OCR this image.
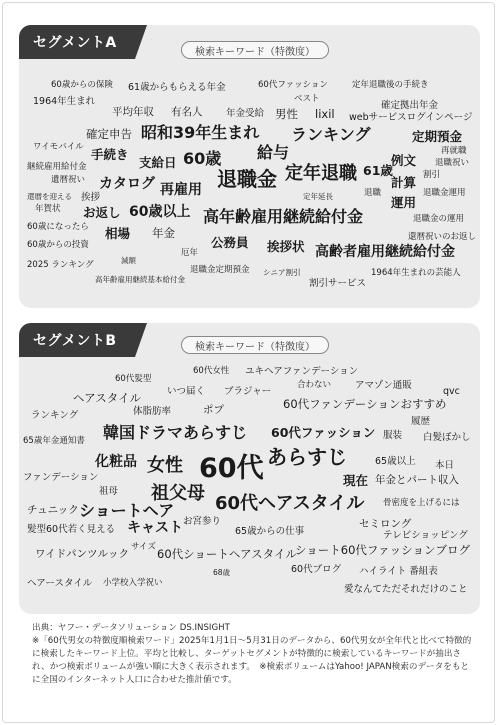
セグメントA
検索キーワード（特徴度）
60歳からの保険 61歳からもらえる年金	60代ファッション	定年退職後の手続き
1964年生まれ	ベスト
確定拠出年金
平均年収 有名人 年金受給 男性 lixil webサービスログインページ
ワイモバイル
確定申告 昭和39年生まれ ランキング	定期預金
再就職
手続き	給与
退職祝い
継続雇用給付金	支給日 60歳	例文
退職金 定年退職 61歳	割引
遺暦祝い カタログ 再雇用	計算
還暦を迎える 挨拶	定年延長	退職	退職金運用
年賀状	運用
お返し 60歳以上 高年齢雇用継続給付金	退職金の運用
60歳になったら 相場 年金	還暦祝いのお返し
60歳からの投資	公務員 挨拶状 高齢者雇用継続給付金
2025 ランキング	減額
厄年
退職金定期預金 シニア割引	1964年生まれの芸能人
高年齢雇用継続基本給付金	割引サービス
セグメントB	検索キーワード（特徴度）
60代女性 ユキヘアファンデーション
60代髪型
合わない	アマゾン通販
いつ届く ブラジャー	qvc
ヘアスタイル
ポプ	60代ファンデーションおすすめ
ランキング	体脂肪率
履歴
韓国ドラマあらすじ 60代ファッション 服装 白髪ぼかし
65歳年金通知書
60代 あらすじ
化粧品 女性	65歳以上 本日
ファンデーション	現在 年金とパート収入
祖父母
祖母
チュニック ショートヘア 60代ヘアスタイル 骨密度を上げるには
お宮参り	セミロング
髪型60代若く見える キャスト	65歳からの仕事	テレビショッピング
サイズ
ワイドパンツルック 60代ショートヘアスタイル
ショート60代ファッションブログ
68歳	60代ブログ ハイライト 番組表
ヘアースタイル 小学校入学祝い
愛なんてただそれだけのこと

出典：ヤフー・データソリューション DS.INSIGHT

※「60代男女の特徴度順検索ワード」2025年1月1日～5月31日のデータから、60代男女が全年代と比べて特徴的に検索したキーワード上位。平均と比較し、ターゲットセグメントが特徴的に検索しているキーワードが抽出され、かつ検索ボリュームが強い順に大きく表示されます。　※検索ボリュームはYahoo! JAPAN検索のデータをもとに全国のインターネット人口に合わせた推計値です。
